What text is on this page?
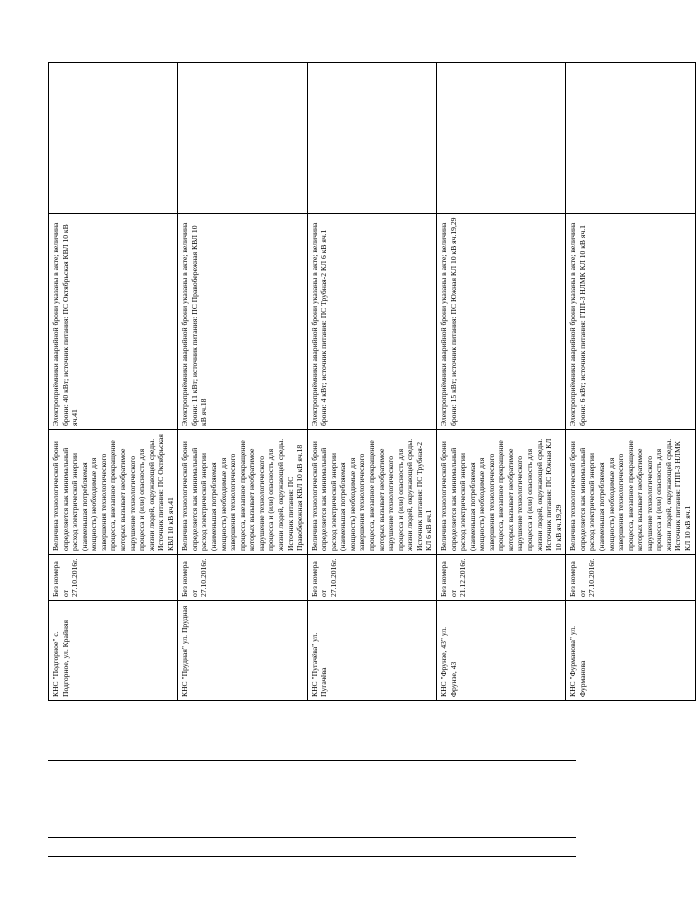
КНС "Подгорное" с. Подгорное, ул. Крайняя	Без номера от 27.10.2016г.	Величина технологической брони определяется как минимальный расход электрической энергии (наименьшая потребляемая мощность) необходимые для завершения технологического процесса, внезапное прекращение которых вызывает необратимое нарушение технологического процесса и (или) опасность для жизни людей, окружающей среды. Источник питания: ПС Октябрьская КВЛ 10 кВ яч.41	Электроприёмники аварийной брони указаны в акте; величина брони: 40 кВт; источник питания: ПС Октябрьская КВЛ 10 кВ яч.41	
КНС "Прудная" ул. Прудная	Без номера от 27.10.2016г.	Величина технологической брони определяется как минимальный расход электрической энергии (наименьшая потребляемая мощность) необходимые для завершения технологического процесса, внезапное прекращение которых вызывает необратимое нарушение технологического процесса и (или) опасность для жизни людей, окружающей среды. Источник питания: ПС Правобережная КВЛ 10 кВ яч.18	Электроприёмники аварийной брони указаны в акте; величина брони: 11 кВт; источник питания: ПС Правобережная КВЛ 10 кВ яч.18	
КНС "Пугачёва" ул. Пугачёва	Без номера от 27.10.2016г.	Величина технологической брони определяется как минимальный расход электрической энергии (наименьшая потребляемая мощность) необходимые для завершения технологического процесса, внезапное прекращение которых вызывает необратимое нарушение технологического процесса и (или) опасность для жизни людей, окружающей среды. Источник питания: ПС Трубная-2 КЛ 6 кВ яч.1	Электроприёмники аварийной брони указаны в акте; величина брони: 4 кВт; источник питания: ПС Трубная-2 КЛ 6 кВ яч.1	
КНС "Фрунзе, 43" ул. Фрунзе, 43	Без номера от 21.12.2016г.	Величина технологической брони определяется как минимальный расход электрической энергии (наименьшая потребляемая мощность) необходимые для завершения технологического процесса, внезапное прекращение которых вызывает необратимое нарушение технологического процесса и (или) опасность для жизни людей, окружающей среды. Источник питания: ПС Южная КЛ 10 кВ яч.19,29	Электроприёмники аварийной брони указаны в акте; величина брони: 15 кВт; источник питания: ПС Южная КЛ 10 кВ яч.19,29	
КНС "Фурманова" ул. Фурманова	Без номера от 27.10.2016г.	Величина технологической брони определяется как минимальный расход электрической энергии (наименьшая потребляемая мощность) необходимые для завершения технологического процесса, внезапное прекращение которых вызывает необратимое нарушение технологического процесса и (или) опасность для жизни людей, окружающей среды. Источник питания: ГПП-3 НЛМК КЛ 10 кВ яч.1	Электроприёмники аварийной брони указаны в акте; величина брони: 6 кВт; источник питания: ГПП-3 НЛМК КЛ 10 кВ яч.1	
